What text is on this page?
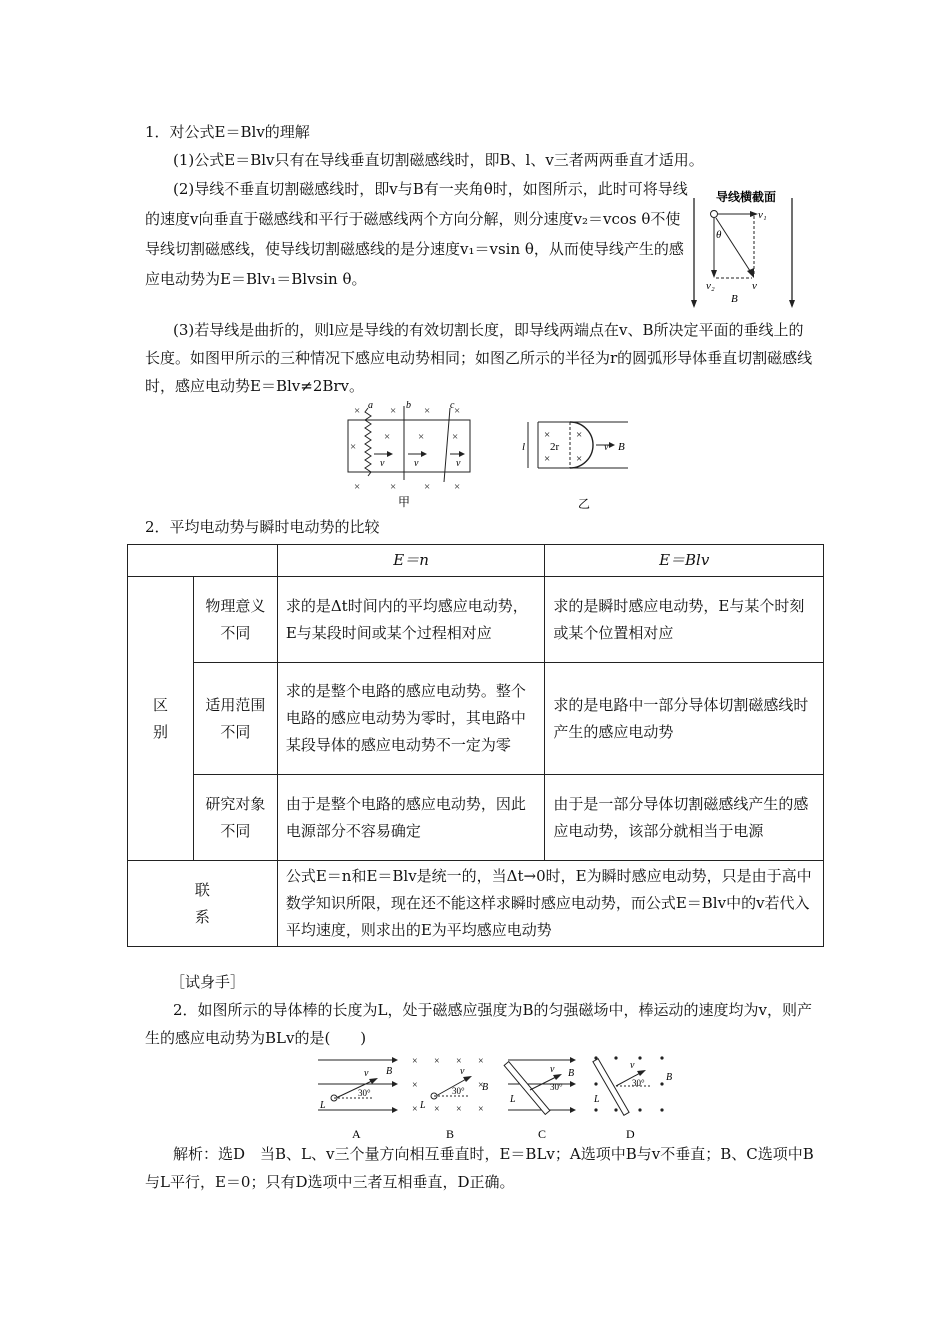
1．对公式E＝Blv的理解
(1)公式E＝Blv只有在导线垂直切割磁感线时，即B、l、v三者两两垂直才适用。
(2)导线不垂直切割磁感线时，即v与B有一夹角θ时，如图所示，此时可将导线的速度v向垂直于磁感线和平行于磁感线两个方向分解，则分速度v₂＝vcos θ不使导线切割磁感线，使导线切割磁感线的是分速度v₁＝vsin θ，从而使导线产生的感应电动势为E＝Blv₁＝Blvsin θ。
导线横截面
v₁
θ
v₂	v
B
(3)若导线是曲折的，则l应是导线的有效切割长度，即导线两端点在v、B所决定平面的垂线上的长度。如图甲所示的三种情况下感应电动势相同；如图乙所示的半径为r的圆弧形导体垂直切割磁感线时，感应电动势E＝Blv≠2Brv。
×	×	× ×
×
×	×	×
×	×	× ×
a	b	c
v	v	v
甲
l
× ×
× ×
2r	v B
乙
2．平均电动势与瞬时电动势的比较
		E＝n	E＝Blv
区别	物理意义不同	求的是Δt时间内的平均感应电动势，E与某段时间或某个过程相对应	求的是瞬时感应电动势，E与某个时刻或某个位置相对应
	适用范围不同	求的是整个电路的感应电动势。整个电路的感应电动势为零时，其电路中某段导体的感应电动势不一定为零	求的是电路中一部分导体切割磁感线时产生的感应电动势
	研究对象不同	由于是整个电路的感应电动势，因此电源部分不容易确定	由于是一部分导体切割磁感线产生的感应电动势，该部分就相当于电源
联系		公式E＝n和E＝Blv是统一的，当Δt→0时，E为瞬时感应电动势，只是由于高中数学知识所限，现在还不能这样求瞬时感应电动势，而公式E＝Blv中的v若代入平均速度，则求出的E为平均感应电动势	
［试身手］
2．如图所示的导体棒的长度为L，处于磁感应强度为B的匀强磁场中，棒运动的速度均为v，则产生的感应电动势为BLv的是(　　)
v B
L
30°
A
× × × ×
×	×
× × × ×
v
B
L
30°
B
v B
L
30°
C
v
B
L
30°
D
解析：选D　当B、L、v三个量方向相互垂直时，E＝BLv；A选项中B与v不垂直；B、C选项中B与L平行，E＝0；只有D选项中三者互相垂直，D正确。
